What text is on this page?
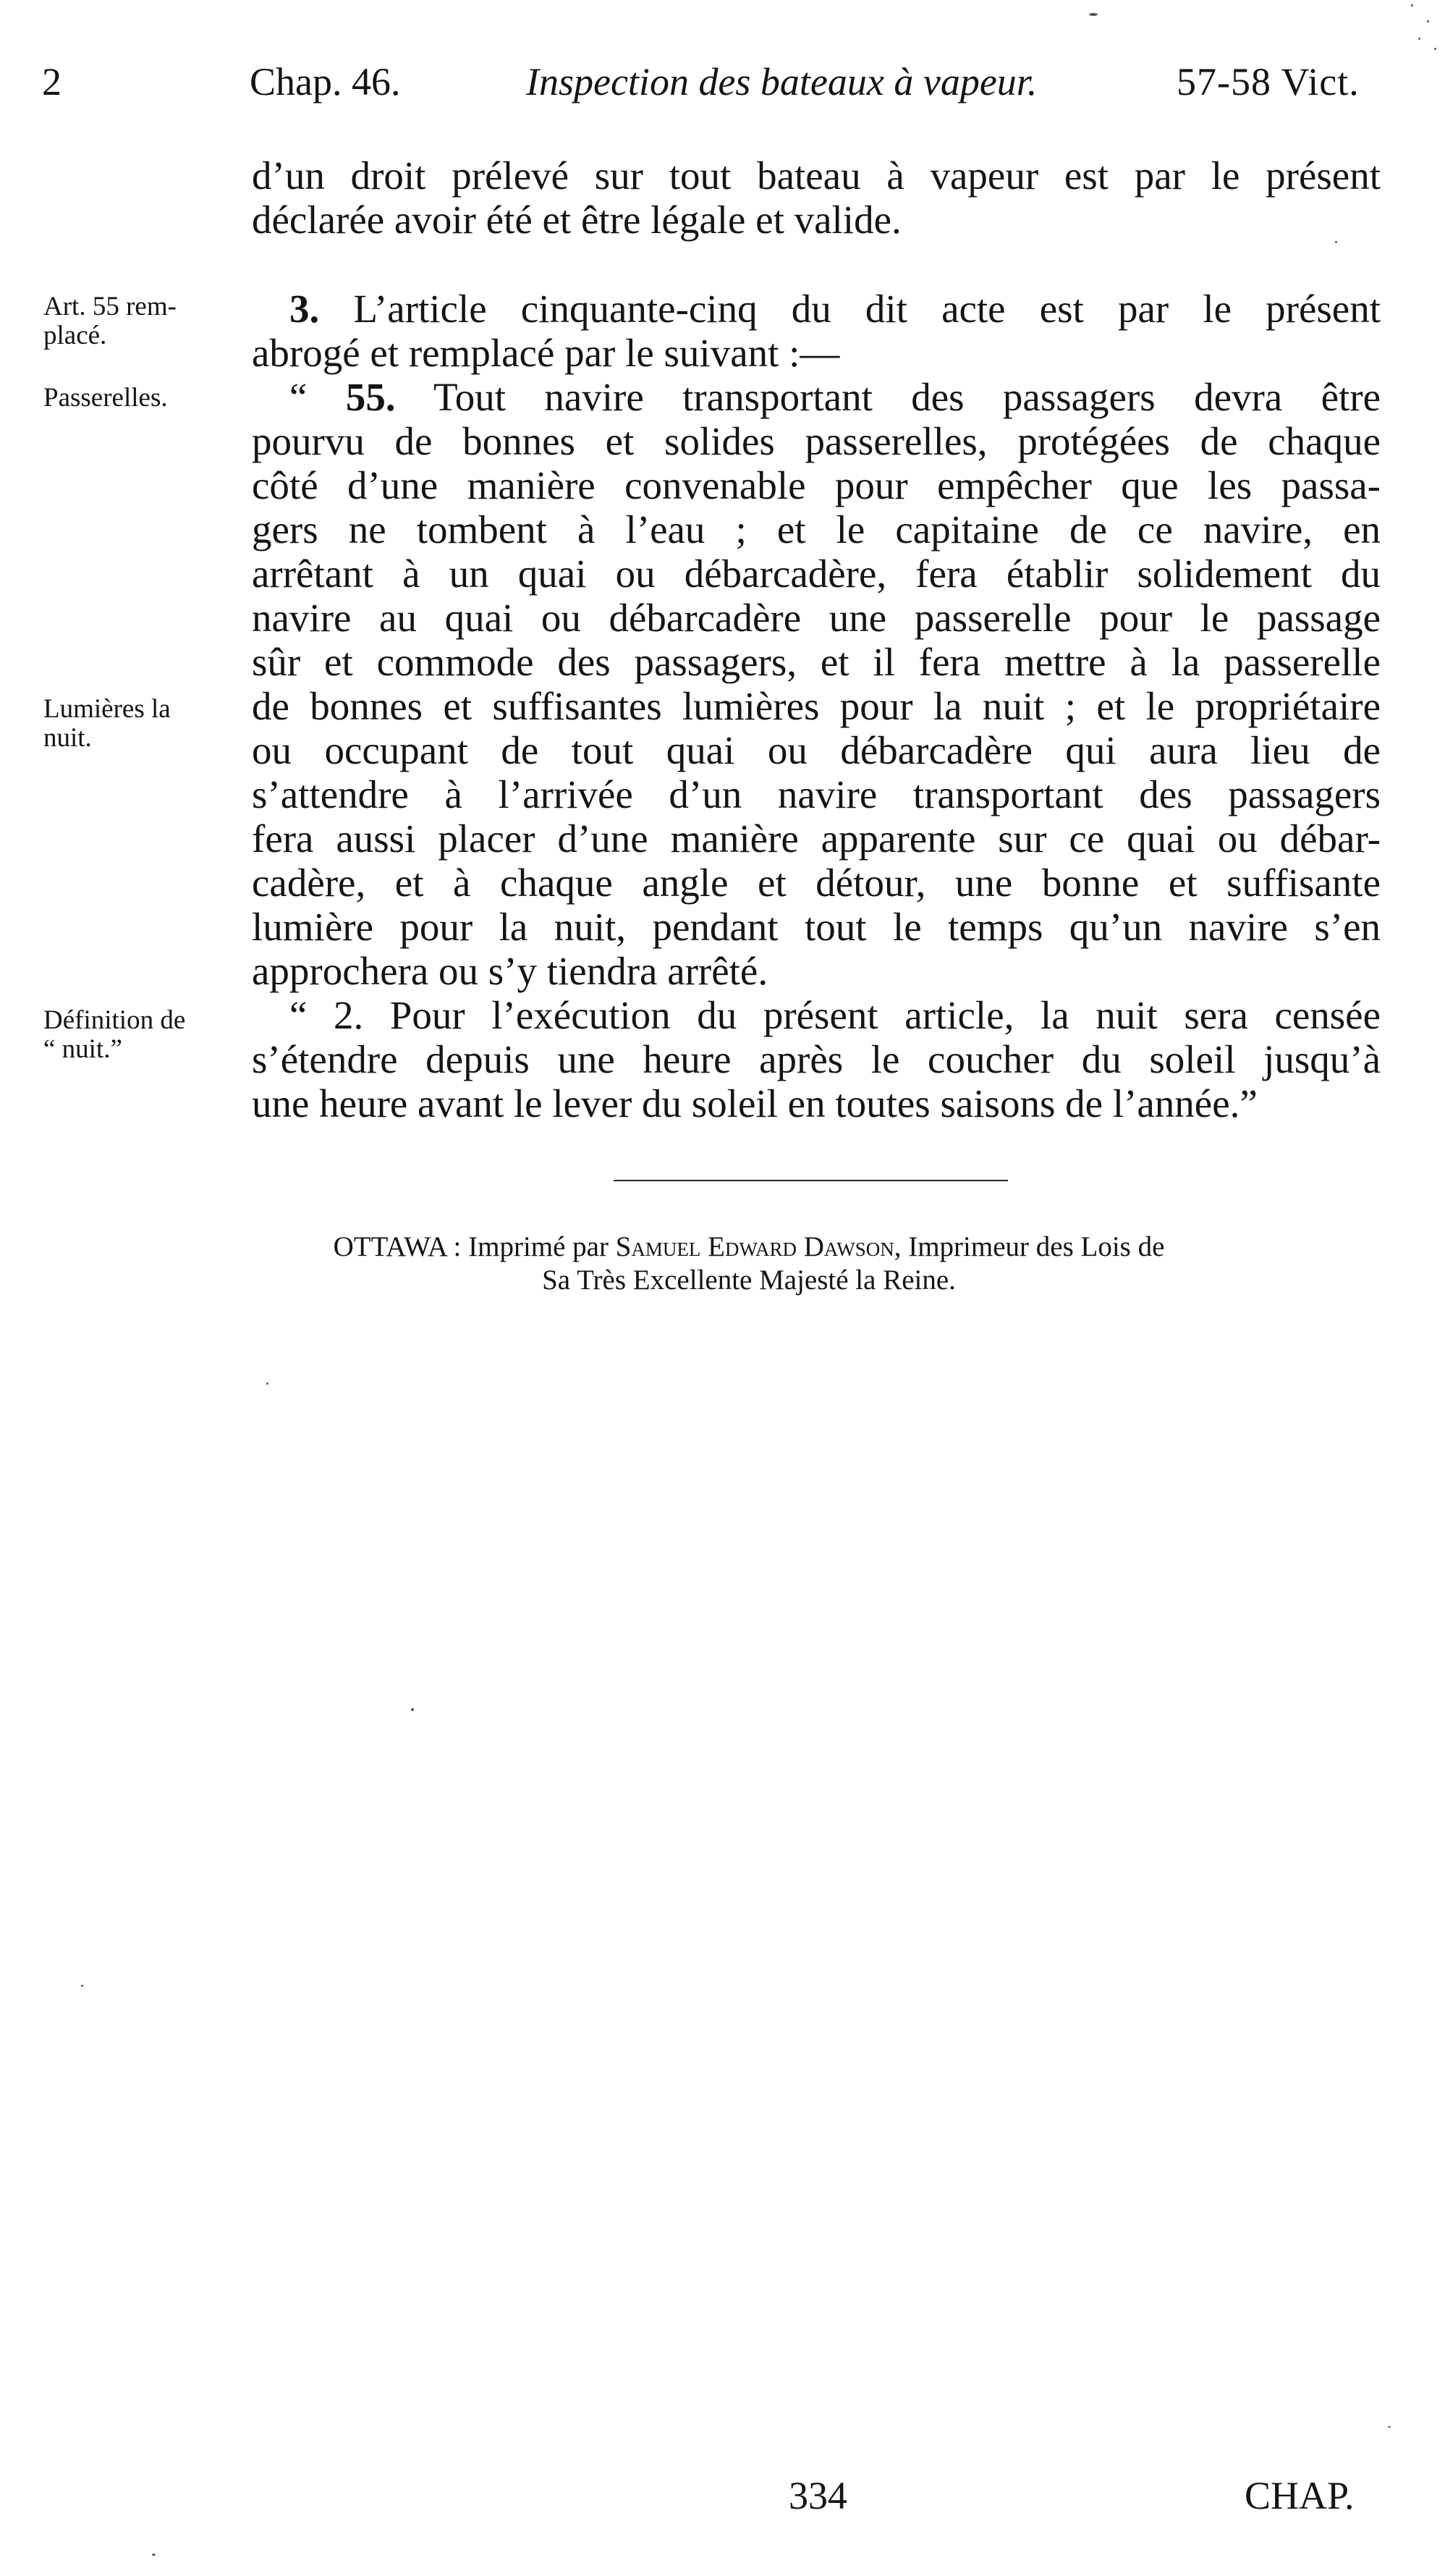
2	Chap. 46.	Inspection des bateaux à vapeur.	57-58 Vict.
d’un droit prélevé sur tout bateau à vapeur est par le présent
déclarée avoir été et être légale et valide.
3. L’article cinquante-cinq du dit acte est par le présent
abrogé et remplacé par le suivant :—
“ 55. Tout navire transportant des passagers devra être
pourvu de bonnes et solides passerelles, protégées de chaque
côté d’une manière convenable pour empêcher que les passa-
gers ne tombent à l’eau ; et le capitaine de ce navire, en
arrêtant à un quai ou débarcadère, fera établir solidement du
navire au quai ou débarcadère une passerelle pour le passage
sûr et commode des passagers, et il fera mettre à la passerelle
de bonnes et suffisantes lumières pour la nuit ; et le propriétaire
ou occupant de tout quai ou débarcadère qui aura lieu de
s’attendre à l’arrivée d’un navire transportant des passagers
fera aussi placer d’une manière apparente sur ce quai ou débar-
cadère, et à chaque angle et détour, une bonne et suffisante
lumière pour la nuit, pendant tout le temps qu’un navire s’en
approchera ou s’y tiendra arrêté.
“ 2. Pour l’exécution du présent article, la nuit sera censée
s’étendre depuis une heure après le coucher du soleil jusqu’à
une heure avant le lever du soleil en toutes saisons de l’année.”
Art. 55 rem-
placé.
Passerelles.
Lumières la
nuit.
Définition de
“ nuit.”
OTTAWA : Imprimé par Samuel Edward Dawson, Imprimeur des Lois de
Sa Très Excellente Majesté la Reine.
334	CHAP.
